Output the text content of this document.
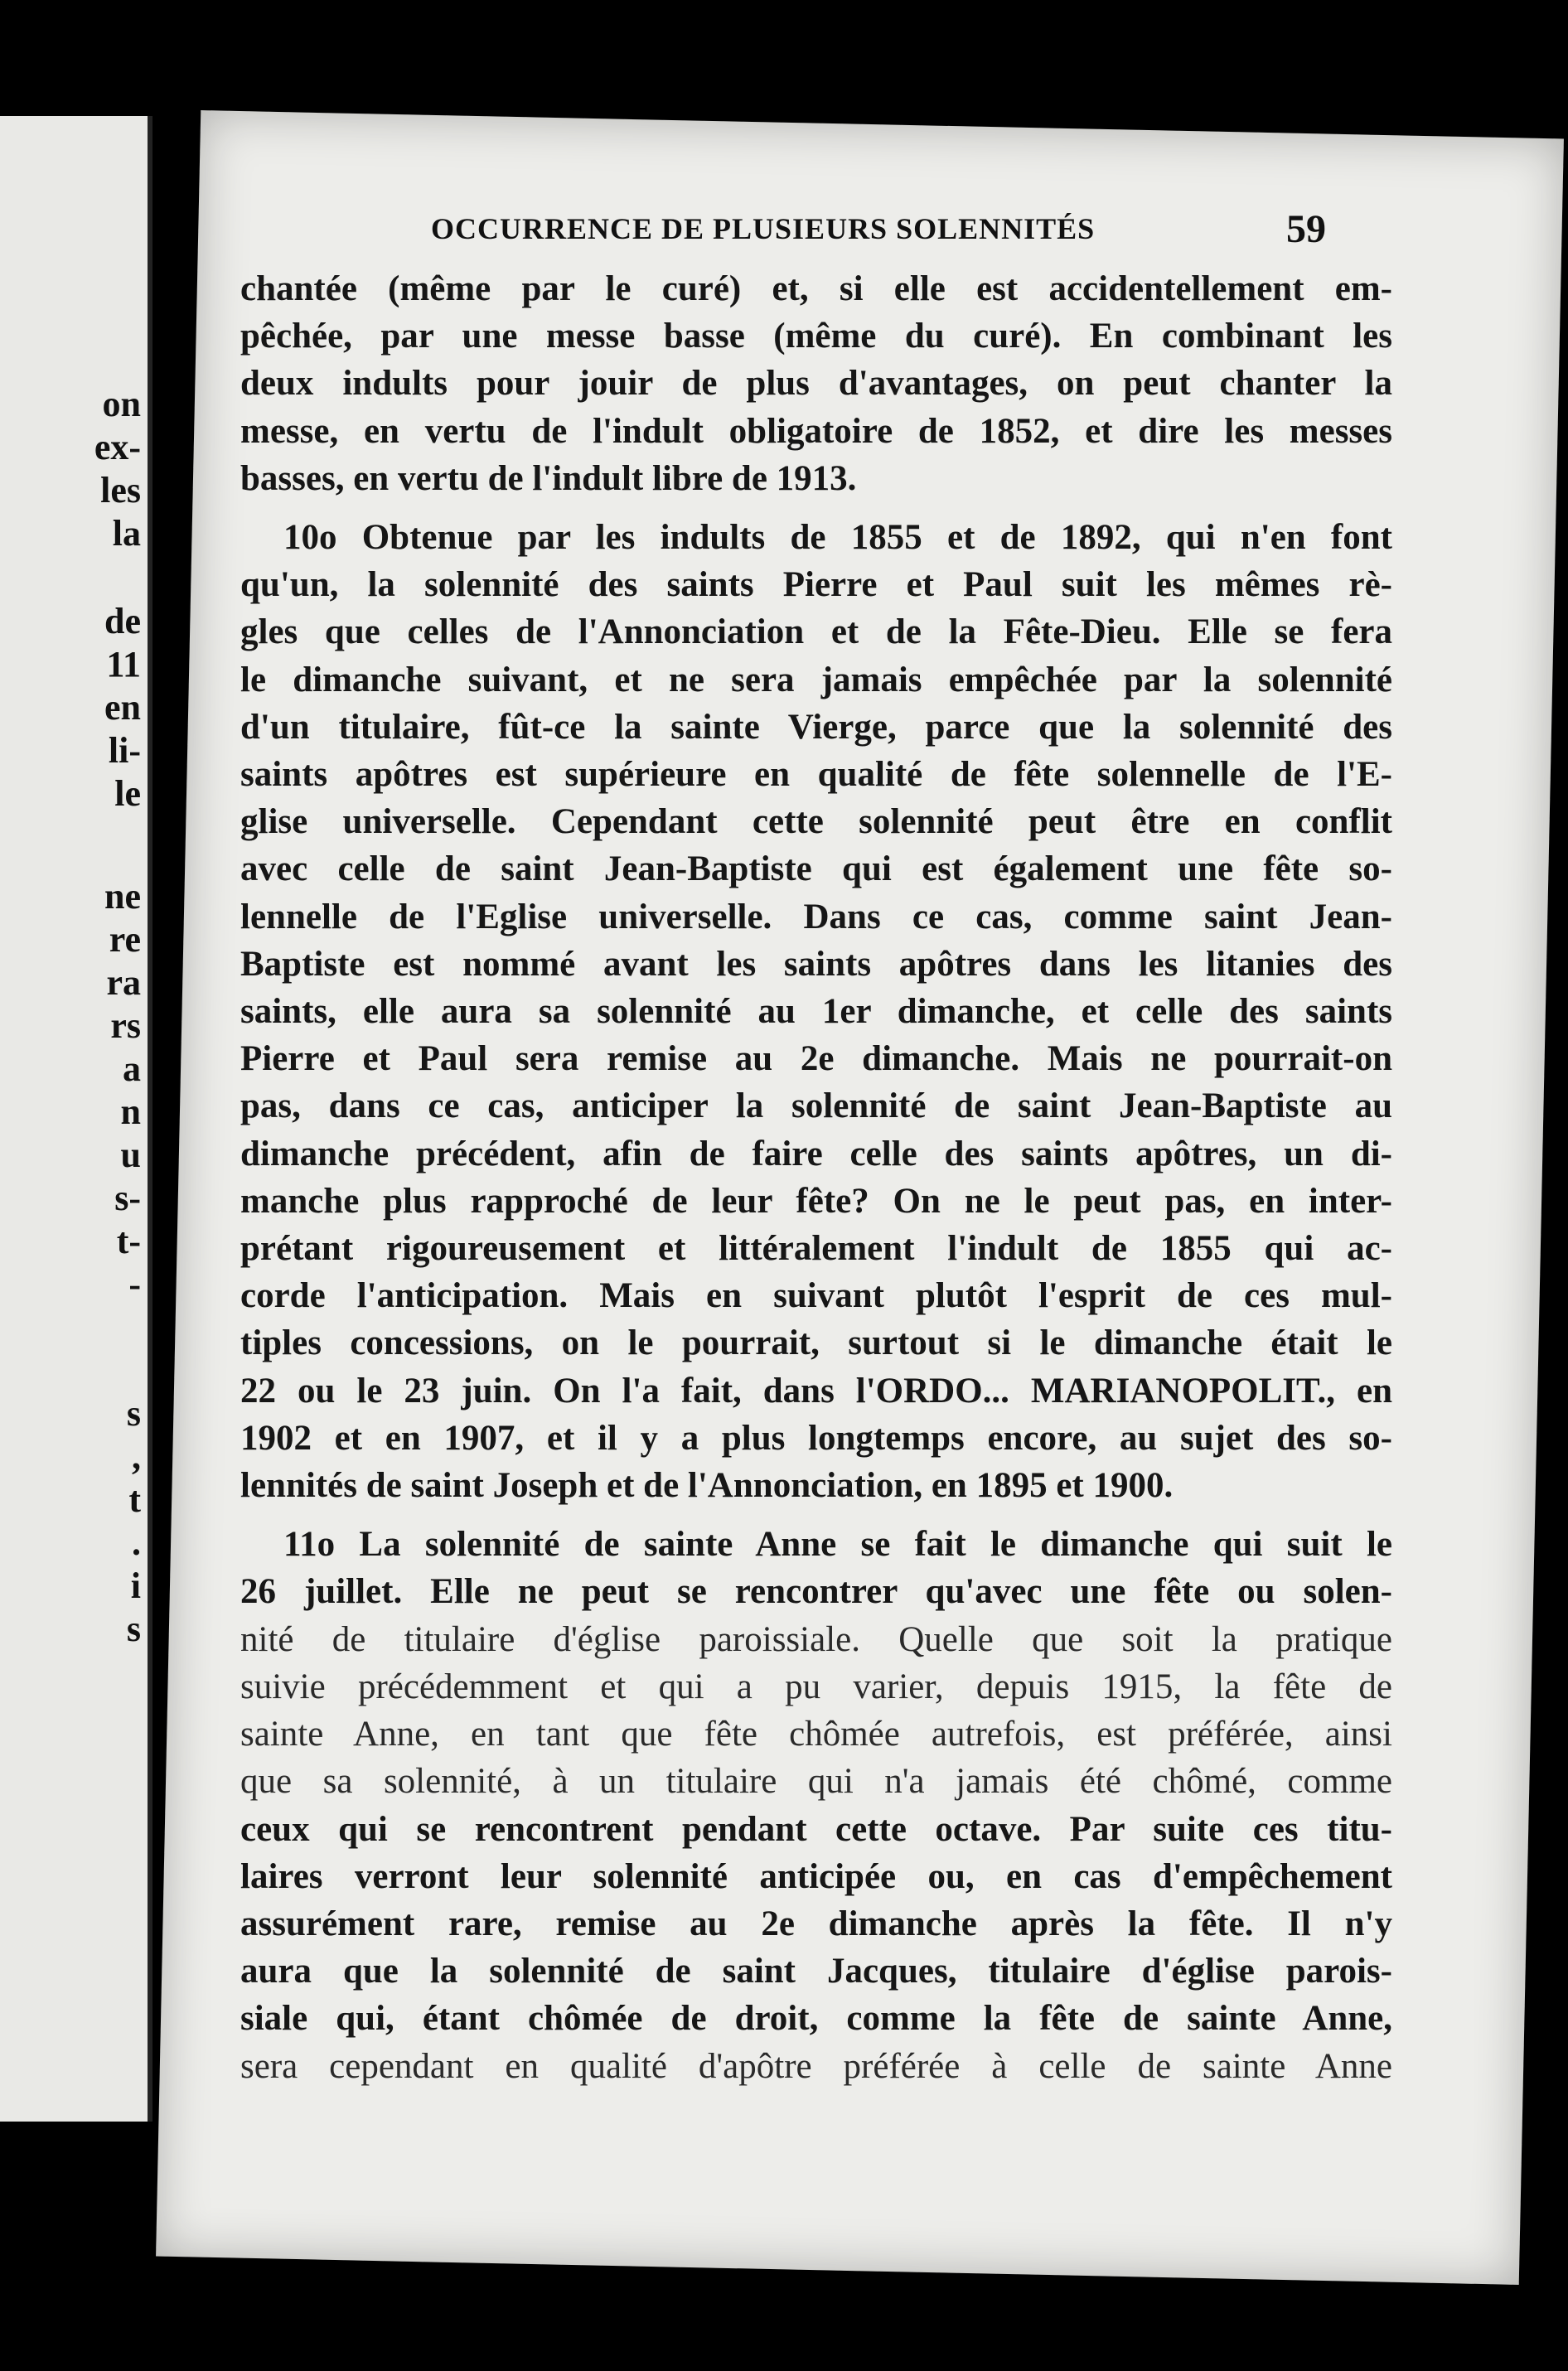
on
ex-
les
la
de
11
en
li-
le
ne
re
ra
rs
a
n
u
s-
t-
-
s
,
t
.
i
s
OCCURRENCE DE PLUSIEURS SOLENNITÉS	59
chantée (même par le curé) et, si elle est accidentellement em-
pêchée, par une messe basse (même du curé). En combinant les
deux indults pour jouir de plus d'avantages, on peut chanter la
messe, en vertu de l'indult obligatoire de 1852, et dire les messes
basses, en vertu de l'indult libre de 1913.
10o Obtenue par les indults de 1855 et de 1892, qui n'en font
qu'un, la solennité des saints Pierre et Paul suit les mêmes rè-
gles que celles de l'Annonciation et de la Fête-Dieu. Elle se fera
le dimanche suivant, et ne sera jamais empêchée par la solennité
d'un titulaire, fût-ce la sainte Vierge, parce que la solennité des
saints apôtres est supérieure en qualité de fête solennelle de l'E-
glise universelle. Cependant cette solennité peut être en conflit
avec celle de saint Jean-Baptiste qui est également une fête so-
lennelle de l'Eglise universelle. Dans ce cas, comme saint Jean-
Baptiste est nommé avant les saints apôtres dans les litanies des
saints, elle aura sa solennité au 1er dimanche, et celle des saints
Pierre et Paul sera remise au 2e dimanche. Mais ne pourrait-on
pas, dans ce cas, anticiper la solennité de saint Jean-Baptiste au
dimanche précédent, afin de faire celle des saints apôtres, un di-
manche plus rapproché de leur fête? On ne le peut pas, en inter-
prétant rigoureusement et littéralement l'indult de 1855 qui ac-
corde l'anticipation. Mais en suivant plutôt l'esprit de ces mul-
tiples concessions, on le pourrait, surtout si le dimanche était le
22 ou le 23 juin. On l'a fait, dans l'ORDO... MARIANOPOLIT., en
1902 et en 1907, et il y a plus longtemps encore, au sujet des so-
lennités de saint Joseph et de l'Annonciation, en 1895 et 1900.
11o La solennité de sainte Anne se fait le dimanche qui suit le
26 juillet. Elle ne peut se rencontrer qu'avec une fête ou solen-
nité de titulaire d'église paroissiale. Quelle que soit la pratique
suivie précédemment et qui a pu varier, depuis 1915, la fête de
sainte Anne, en tant que fête chômée autrefois, est préférée, ainsi
que sa solennité, à un titulaire qui n'a jamais été chômé, comme
ceux qui se rencontrent pendant cette octave. Par suite ces titu-
laires verront leur solennité anticipée ou, en cas d'empêchement
assurément rare, remise au 2e dimanche après la fête. Il n'y
aura que la solennité de saint Jacques, titulaire d'église parois-
siale qui, étant chômée de droit, comme la fête de sainte Anne,
sera cependant en qualité d'apôtre préférée à celle de sainte Anne
